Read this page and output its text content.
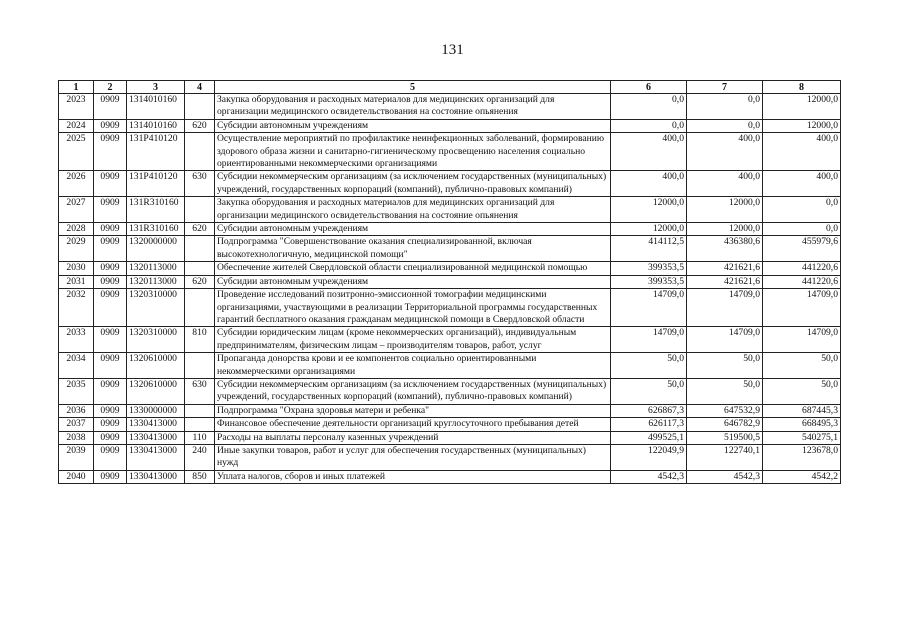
131
1	2	3	4	5	6	7	8
2023	0909	1314010160		Закупка оборудования и расходных материалов для медицинских организаций для организации медицинского освидетельствования на состояние опьянения	0,0	0,0	12000,0
2024	0909	1314010160	620	Субсидии автономным учреждениям	0,0	0,0	12000,0
2025	0909	131P410120		Осуществление мероприятий по профилактике неинфекционных заболеваний, формированию здорового образа жизни и санитарно-гигиеническому просвещению населения социально ориентированными некоммерческими организациями	400,0	400,0	400,0
2026	0909	131P410120	630	Субсидии некоммерческим организациям (за исключением государственных (муниципальных) учреждений, государственных корпораций (компаний), публично-правовых компаний)	400,0	400,0	400,0
2027	0909	131R310160		Закупка оборудования и расходных материалов для медицинских организаций для организации медицинского освидетельствования на состояние опьянения	12000,0	12000,0	0,0
2028	0909	131R310160	620	Субсидии автономным учреждениям	12000,0	12000,0	0,0
2029	0909	1320000000		Подпрограмма "Совершенствование оказания специализированной, включая высокотехнологичную, медицинской помощи"	414112,5	436380,6	455979,6
2030	0909	1320113000		Обеспечение жителей Свердловской области специализированной медицинской помощью	399353,5	421621,6	441220,6
2031	0909	1320113000	620	Субсидии автономным учреждениям	399353,5	421621,6	441220,6
2032	0909	1320310000		Проведение исследований позитронно-эмиссионной томографии медицинскими организациями, участвующими в реализации Территориальной программы государственных гарантий бесплатного оказания гражданам медицинской помощи в Свердловской области	14709,0	14709,0	14709,0
2033	0909	1320310000	810	Субсидии юридическим лицам (кроме некоммерческих организаций), индивидуальным предпринимателям, физическим лицам – производителям товаров, работ, услуг	14709,0	14709,0	14709,0
2034	0909	1320610000		Пропаганда донорства крови и ее компонентов социально ориентированными некоммерческими организациями	50,0	50,0	50,0
2035	0909	1320610000	630	Субсидии некоммерческим организациям (за исключением государственных (муниципальных) учреждений, государственных корпораций (компаний), публично-правовых компаний)	50,0	50,0	50,0
2036	0909	1330000000		Подпрограмма "Охрана здоровья матери и ребенка"	626867,3	647532,9	687445,3
2037	0909	1330413000		Финансовое обеспечение деятельности организаций круглосуточного пребывания детей	626117,3	646782,9	668495,3
2038	0909	1330413000	110	Расходы на выплаты персоналу казенных учреждений	499525,1	519500,5	540275,1
2039	0909	1330413000	240	Иные закупки товаров, работ и услуг для обеспечения государственных (муниципальных) нужд	122049,9	122740,1	123678,0
2040	0909	1330413000	850	Уплата налогов, сборов и иных платежей	4542,3	4542,3	4542,2
